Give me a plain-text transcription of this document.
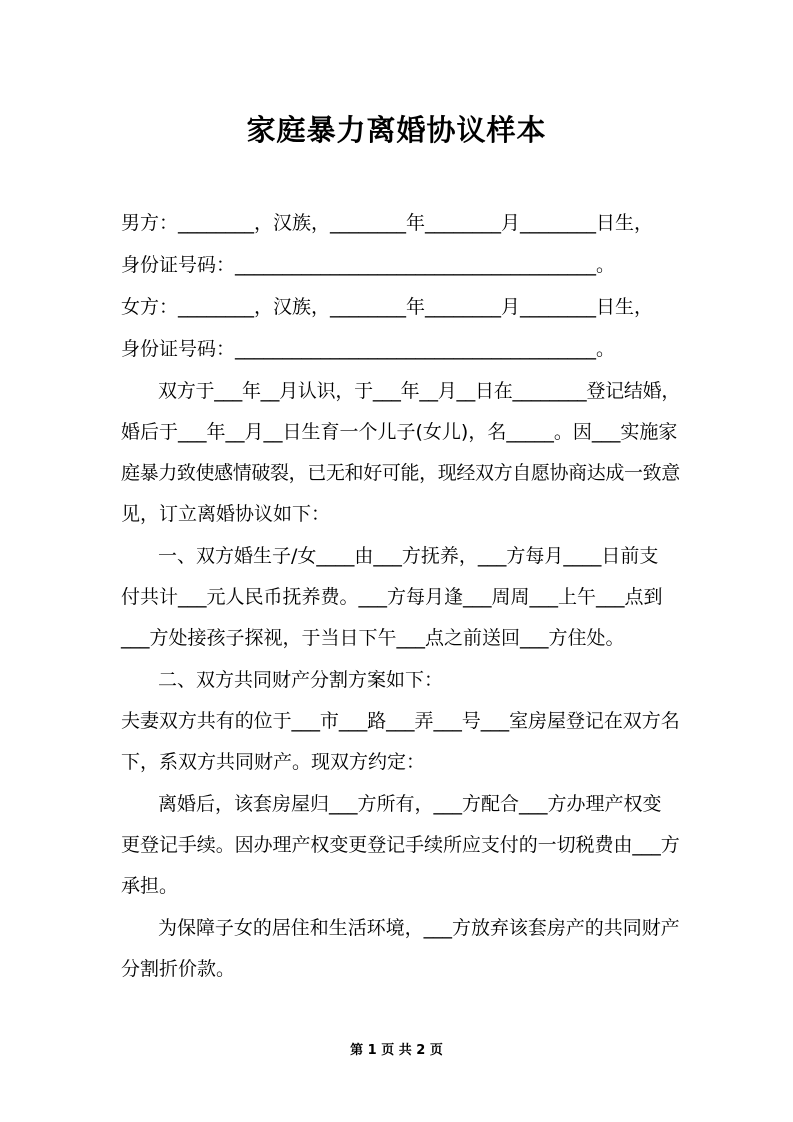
家庭暴力离婚协议样本
男方：________，汉族，________年________月________日生，
身份证号码：______________________________________。
女方：________，汉族，________年________月________日生，
身份证号码：______________________________________。
双方于___年__月认识，于___年__月__日在________登记结婚，
婚后于___年__月__日生育一个儿子(女儿)，名_____。因___实施家
庭暴力致使感情破裂，已无和好可能，现经双方自愿协商达成一致意
见，订立离婚协议如下：
一、双方婚生子/女____由___方抚养，___方每月____日前支
付共计___元人民币抚养费。___方每月逢___周周___上午___点到
___方处接孩子探视，于当日下午___点之前送回___方住处。
二、双方共同财产分割方案如下：
夫妻双方共有的位于___市___路___弄___号___室房屋登记在双方名
下，系双方共同财产。现双方约定：
离婚后，该套房屋归___方所有，___方配合___方办理产权变
更登记手续。因办理产权变更登记手续所应支付的一切税费由___方
承担。
为保障子女的居住和生活环境，___方放弃该套房产的共同财产
分割折价款。
第 1 页 共 2 页
